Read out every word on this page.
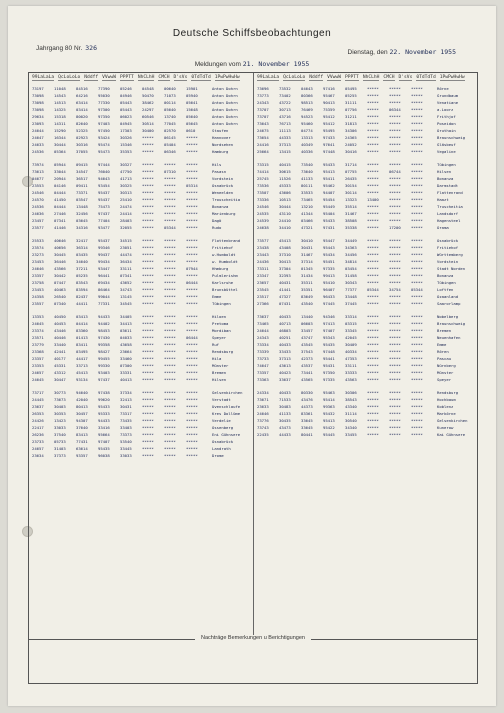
Deutsche Schiffsbeobachtungen
Jahrgang 80 Nr. 326
Dienstag, den 22. November 1955
Meldungen vom 21. November 1955
99LaLaLa QcLoLoLo Nddff VVwwW PPPTT NhCLhH CMCH D'sVs 0TdTdTd 1PwPwHwHw	99LaLaLa QcLoLoLo Nddff VVwwW PPPTT NhCLhH CMCH D'sVs 0TdTdTd 1PwPwHwHw
73197	11048	84516	77390	05246	04548	00640	15901	Anton Dohrn
73098	14543	64216	95030	04946	50470	71073	05940	Anton Dohrn
73098	14513	63414	77330	05443	38462	00114	05641	Anton Dohrn
73098	14325	03414	97300	05443	24297	05640	15648	Anton Dohrn
29634	15318	80020	97350	06023	60546	13740	05640	Anton Dohrn
23093	14311	82640	97403	04945	30514	77045	05645	Anton Dohrn
24644	15290	52325	97450	17303	30400	02570	0610	Staufen
24647	16344	02923	93424	30326	*****	06145	*****	Hannover
24633	30444	30316	95474	15346	*****	05404	*****	Nordsehen
24536	05364	37055	95473	35353	*****	06346	*****	Hamburg
73974	05944	09415	97444	30327	*****	*****	*****	Hils
73613	33044	34547	76040	47750	*****	07310	*****	Pasasn
04677	20944	36517	94643	41713	*****	*****	*****	Vordstein
23553	04146	09411	93454	30325	*****	*****	05314	Osnabrück
24546	04444	73371	95437	30313	*****	*****	*****	Weneelden
24570	41450	03547	95437	25410	*****	*****	*****	Trouscheitia
24536	04444	13448	75473	24474	*****	*****	*****	Bonanza
24636	27446	32456	97437	24414	*****	*****	*****	Marienburg
23457	07341	03645	77404	28403	*****	*****	*****	Dagö
23577	41446	34316	93477	32055	*****	05344	*****	Rudo
25533	40646	32417	95437	34515	*****	*****	*****	Flottenbrand
23574	40656	36314	99346	23051	*****	*****	*****	Fritiehof
23273	30445	03435	99437	44474	*****	*****	*****	w.Humboldt
23453	36446	34640	99434	36434	*****	*****	*****	w. Humboldt
24646	43566	37211	93447	33111	*****	*****	07944	Hhmburg
23357	30442	05235	96441	07341	*****	*****	*****	Pulmlerishm
23758	07447	83543	69434	43652	*****	*****	06444	Karlsruhe
23453	40463	83594	86464	34743	*****	*****	*****	Brunsbüttel
24358	26540	82437	99044	13145	*****	*****	*****	Emme
23557	07340	44411	77331	34545	*****	*****	*****	Tübingen
13353	40450	03413	94433	34405	*****	*****	*****	Hiloen
24645	40453	04414	94402	34413	*****	*****	*****	Pretoma
23374	43446	83360	98453	03611	*****	*****	*****	Mordiban
23571	40446	01413	97430	04033	*****	*****	06444	Speyer
23779	33440	83411	99358	43658	*****	*****	*****	Ruf
23368	42441	03495	98427	23664	*****	*****	*****	Rendsburg
23357	40177	44417	99455	33460	*****	*****	*****	Hila
23353	45331	33713	99330	07300	*****	*****	*****	Münster
24657	43312	45413	93403	33331	*****	*****	*****	Bremen
24645	30447	93134	97437	40413	*****	*****	*****	Hilsen
73717	30773	94640	97438	37334	*****	*****	*****	Gelsenkirchen
24445	73673	42040	99620	32413	*****	*****	*****	Verstadt
23637	30403	80413	95433	30431	*****	*****	*****	Uvenschlaufe
26353	30353	30457	95333	73317	*****	*****	*****	Kres Dollüme
24426	13423	94307	94433	73435	*****	*****	*****	Verdelie
22417	33033	37640	33416	33403	*****	*****	*****	Ossenberg
26236	37540	83413	95664	73373	*****	*****	*****	Eni Gühnsere
23733	05733	77431	97407	53540	*****	*****	*****	Osnabrück
24657	31403	63614	95435	33445	*****	*****	*****	Landrath
23634	37373	93357	96038	33033	*****	*****	*****	Drome
73696	73532	04643	97416	05495	*****	*****	*****	Rörne
73773	73402	80366	95467	05255	*****	*****	*****	Grundbaum
24343	43722	98513	90413	31111	*****	*****	*****	Venatiane
73707	30713	76469	75359	07756	*****	06344	*****	a.Loorz
73707	43716	94523	95412	31211	*****	*****	*****	Frithjof
73643	76713	95460	95412	31813	*****	*****	*****	Poseidon
24675	11113	04774	95495	34306	*****	*****	*****	Oruthain
73654	44333	13313	97433	24365	*****	*****	*****	Braunschweig
24416	37313	40349	97641	24052	*****	*****	*****	Gläsbeuf
25664	13415	40336	97448	30416	*****	*****	*****	Vegaline
73315	40415	73540	95433	31714	*****	*****	*****	Tübingen
74414	30615	73640	95413	07755	*****	06744	*****	Hilsen
25745	11526	41133	95411	26435	*****	*****	*****	Bonanza
73536	45333	80111	95462	30154	*****	*****	*****	Darmstadt
73507	43606	33533	94407	30114	*****	*****	*****	Flattenrand
73336	10513	73465	95454	13323	13400	*****	*****	Haazt
24546	30444	13210	95449	35514	*****	*****	*****	Truscheitia
24535	43110	41344	95404	31467	*****	*****	*****	Landsdorf
24539	24410	03466	95433	38508	*****	*****	*****	Hagensteel
24638	34410	47321	97431	35338	*****	17200	*****	Orama
73577	45413	30410	95447	34449	*****	*****	*****	Osnabrück
23438	43408	30431	95443	34363	*****	*****	*****	Fritiehof
23443	37310	31467	95434	34456	*****	*****	*****	Württemberg
24436	30413	37314	95451	34814	*****	*****	*****	Vordstein
73311	37304	01345	97335	03454	*****	*****	*****	Stadt Norden
23347	32393	31434	99413	31458	*****	*****	*****	Bonanza
23657	40431	35311	95410	30343	*****	*****	*****	Tübingen
23545	41441	35351	96407	77377	05344	34754	05344	Loftfen
23517	47327	83649	96433	33448	*****	*****	*****	Ozaanland
27366	07431	43540	97445	37445	*****	*****	*****	Saarorlamp
73637	40433	13440	94346	33314	*****	*****	*****	Nobelberg
73465	40713	06603	97413	03315	*****	*****	*****	Braunschweig
24644	46803	33457	97407	33345	*****	*****	*****	Bremen
24343	40251	43747	95343	42045	*****	*****	*****	Neuenhafen
73334	40433	43545	95435	30409	*****	*****	*****	Emme
73339	33433	37543	97448	40334	*****	*****	*****	Rören
73733	37313	42373	95441	47353	*****	*****	*****	Pascau
74647	43613	43537	95431	33111	*****	*****	*****	Nürnberg
73357	40423	73441	97350	33333	*****	*****	*****	Münster
73363	33637	43565	97335	43563	*****	*****	*****	Speyer
24334	40433	80330	95463	30306	*****	*****	*****	Rendsburg
73671	71533	43476	95414	38543	*****	*****	*****	Hochbaum
23633	30483	44373	99363	43340	*****	*****	*****	Koblenz
24646	41133	83361	95432	31114	*****	*****	*****	Markörne
73776	30435	33645	95413	30540	*****	*****	*****	Gelsenkirchen
73743	43473	33645	95422	34340	*****	*****	*****	Kunerow
22435	44433	80441	95445	33455	*****	*****	*****	Kai Gühnsere
Nachträge Bemerkungen u Berichtigungen
